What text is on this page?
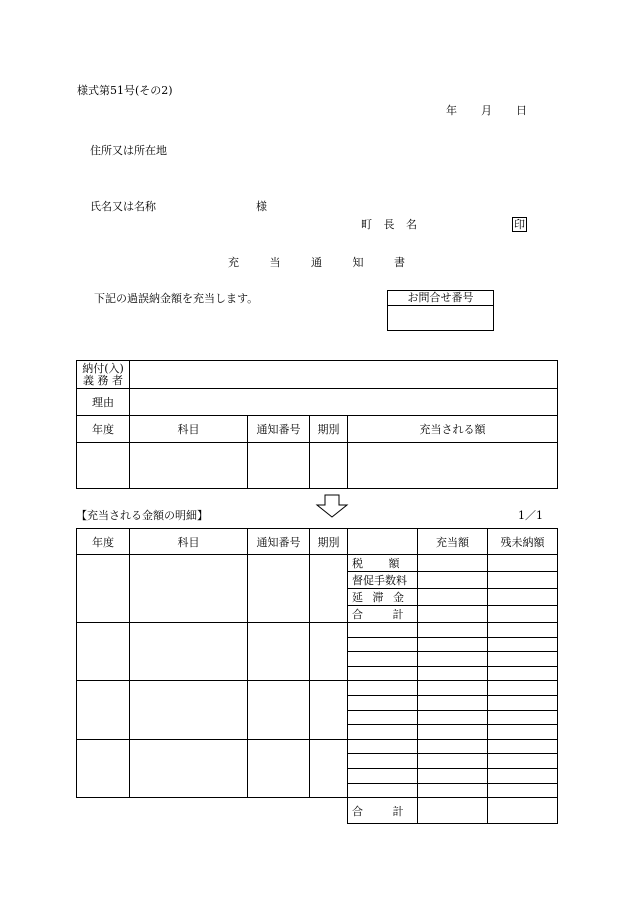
様式第51号(その2)
年 月 日
住所又は所在地
氏名又は名称	様
町 長 名	印
充 当 通 知 書
下記の過誤納金額を充当します。	お問合せ番号
納付(入)
義 務 者				

理由				
年度	科目	通知番号	期別	充当される額

【充当される金額の明細】	1／1
年度	科目	通知番号	期別		充当額	残未納額
				税 額		
				督促手数料		
				延 滞 金		
				合 計		

				合 計		
